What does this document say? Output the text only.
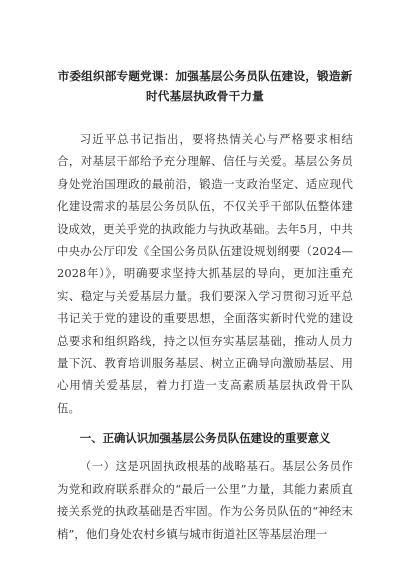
市委组织部专题党课：加强基层公务员队伍建设，锻造新时代基层执政骨干力量

习近平总书记指出，要将热情关心与严格要求相结合，对基层干部给予充分理解、信任与关爱。基层公务员身处党治国理政的最前沿，锻造一支政治坚定、适应现代化建设需求的基层公务员队伍，不仅关乎干部队伍整体建设成效，更关乎党的执政能力与执政基础。去年5月，中共中央办公厅印发《全国公务员队伍建设规划纲要（2024—2028年）》，明确要求坚持大抓基层的导向，更加注重充实、稳定与关爱基层力量。我们要深入学习贯彻习近平总书记关于党的建设的重要思想，全面落实新时代党的建设总要求和组织路线，持之以恒夯实基层基础，推动人员力量下沉、教育培训服务基层、树立正确导向激励基层、用心用情关爱基层，着力打造一支高素质基层执政骨干队伍。

一、正确认识加强基层公务员队伍建设的重要意义

（一）这是巩固执政根基的战略基石。基层公务员作为党和政府联系群众的“最后一公里”力量，其能力素质直接关系党的执政基础是否牢固。作为公务员队伍的“神经末梢”，他们身处农村乡镇与城市街道社区等基层治理一
